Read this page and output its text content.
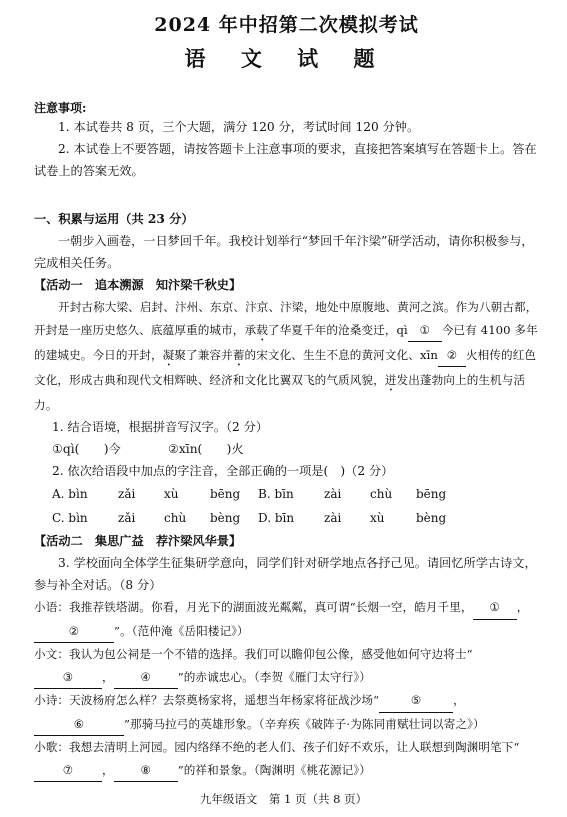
2024 年中招第二次模拟考试
语 文 试 题
注意事项:
1. 本试卷共 8 页，三个大题，满分 120 分，考试时间 120 分钟。
2. 本试卷上不要答题，请按答题卡上注意事项的要求，直接把答案填写在答题卡上。答在试卷上的答案无效。
一、积累与运用（共 23 分）
一朝步入画卷，一日梦回千年。我校计划举行“梦回千年汴梁”研学活动，请你积极参与，完成相关任务。
【活动一　追本溯源　知汴梁千秋史】
开封古称大梁、启封、汴州、东京、汴京、汴梁，地处中原腹地、黄河之滨。作为八朝古都，开封是一座历史悠久、底蕴厚重的城市，承载了华夏千年的沧桑变迁，qì ① 今已有 4100 多年的建城史。今日的开封，凝聚了兼容并蓄的宋文化、生生不息的黄河文化、xīn ② 火相传的红色文化，形成古典和现代文相辉映、经济和文化比翼双飞的气质风貌，迸发出蓬勃向上的生机与活力。
1. 结合语境，根据拼音写汉字。（2 分）
①qì(　　)今	②xīn(　　)火
2. 依次给语段中加点的字注音，全部正确的一项是(　)（2 分）
A. bìn	zǎi	xù	bēng B. bīn	zài	chù	bēng
C. bìn	zǎi	chù	bèng D. bīn	zài	xù	bèng
【活动二　集思广益　荐汴梁风华景】
3. 学校面向全体学生征集研学意向，同学们针对研学地点各抒己见。请回忆所学古诗文，参与补全对话。（8 分）
小语：我推荐铁塔湖。你看，月光下的湖面波光粼粼，真可谓“长烟一空，皓月千里， ① ，②	”。（范仲淹《岳阳楼记》）
小文：我认为包公祠是一个不错的选择。我们可以瞻仰包公像，感受他如何守边将士“③ ， ④ ”的赤诚忠心。（李贺《雁门太守行》）
小诗：天波杨府怎么样？去祭奠杨家将，遥想当年杨家将征战沙场“	⑤	，⑥	”那骑马拉弓的英雄形象。（辛弃疾《破阵子·为陈同甫赋壮词以寄之》）
小歌：我想去清明上河园。园内络绎不绝的老人们、孩子们好不欢乐，让人联想到陶渊明笔下“⑦ ， ⑧ ”的祥和景象。（陶渊明《桃花源记》）
九年级语文　第 1 页（共 8 页）
